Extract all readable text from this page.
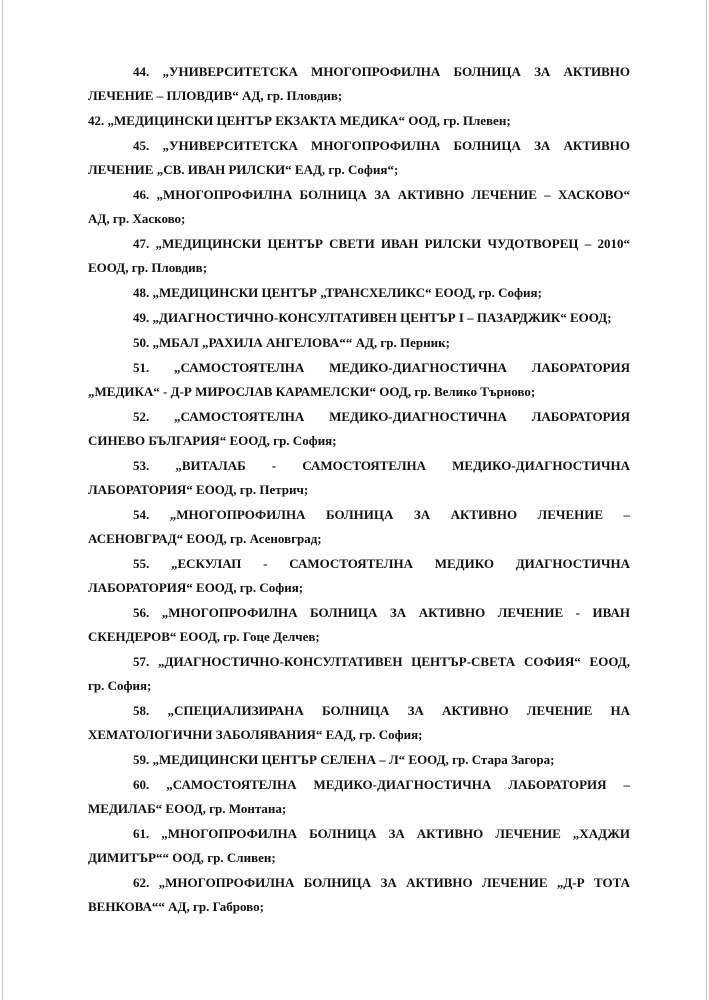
44. „УНИВЕРСИТЕТСКА МНОГОПРОФИЛНА БОЛНИЦА ЗА АКТИВНО
ЛЕЧЕНИЕ – ПЛОВДИВ“ АД, гр. Пловдив;
42. „МЕДИЦИНСКИ ЦЕНТЪР ЕКЗАКТА МЕДИКА“ ООД, гр. Плевен;
45. „УНИВЕРСИТЕТСКА МНОГОПРОФИЛНА БОЛНИЦА ЗА АКТИВНО
ЛЕЧЕНИЕ „СВ. ИВАН РИЛСКИ“ ЕАД, гр. София“;
46. „МНОГОПРОФИЛНА БОЛНИЦА ЗА АКТИВНО ЛЕЧЕНИЕ – ХАСКОВО“
АД, гр. Хасково;
47. „МЕДИЦИНСКИ ЦЕНТЪР СВЕТИ ИВАН РИЛСКИ ЧУДОТВОРЕЦ – 2010“
ЕООД, гр. Пловдив;
48. „МЕДИЦИНСКИ ЦЕНТЪР „ТРАНСХЕЛИКС“ ЕООД, гр. София;
49. „ДИАГНОСТИЧНО-КОНСУЛТАТИВЕН ЦЕНТЪР I – ПАЗАРДЖИК“ ЕООД;
50. „МБАЛ „РАХИЛА АНГЕЛОВА““ АД, гр. Перник;
51. „САМОСТОЯТЕЛНА МЕДИКО-ДИАГНОСТИЧНА ЛАБОРАТОРИЯ
„МЕДИКА“ - Д-Р МИРОСЛАВ КАРАМЕЛСКИ“ ООД, гр. Велико Търново;
52. „САМОСТОЯТЕЛНА МЕДИКО-ДИАГНОСТИЧНА ЛАБОРАТОРИЯ
СИНЕВО БЪЛГАРИЯ“ ЕООД, гр. София;
53. „ВИТАЛАБ - САМОСТОЯТЕЛНА МЕДИКО-ДИАГНОСТИЧНА
ЛАБОРАТОРИЯ“ ЕООД, гр. Петрич;
54. „МНОГОПРОФИЛНА БОЛНИЦА ЗА АКТИВНО ЛЕЧЕНИЕ –
АСЕНОВГРАД“ ЕООД, гр. Асеновград;
55. „ЕСКУЛАП - САМОСТОЯТЕЛНА МЕДИКО ДИАГНОСТИЧНА
ЛАБОРАТОРИЯ“ ЕООД, гр. София;
56. „МНОГОПРОФИЛНА БОЛНИЦА ЗА АКТИВНО ЛЕЧЕНИЕ - ИВАН
СКЕНДЕРОВ“ ЕООД, гр. Гоце Делчев;
57. „ДИАГНОСТИЧНО-КОНСУЛТАТИВЕН ЦЕНТЪР-СВЕТА СОФИЯ“ ЕООД,
гр. София;
58. „СПЕЦИАЛИЗИРАНА БОЛНИЦА ЗА АКТИВНО ЛЕЧЕНИЕ НА
ХЕМАТОЛОГИЧНИ ЗАБОЛЯВАНИЯ“ ЕАД, гр. София;
59. „МЕДИЦИНСКИ ЦЕНТЪР СЕЛЕНА – Л“ ЕООД, гр. Стара Загора;
60. „САМОСТОЯТЕЛНА МЕДИКО-ДИАГНОСТИЧНА ЛАБОРАТОРИЯ –
МЕДИЛАБ“ ЕООД, гр. Монтана;
61. „МНОГОПРОФИЛНА БОЛНИЦА ЗА АКТИВНО ЛЕЧЕНИЕ „ХАДЖИ
ДИМИТЪР““ ООД, гр. Сливен;
62. „МНОГОПРОФИЛНА БОЛНИЦА ЗА АКТИВНО ЛЕЧЕНИЕ „Д-Р ТОТА
ВЕНКОВА““ АД, гр. Габрово;
